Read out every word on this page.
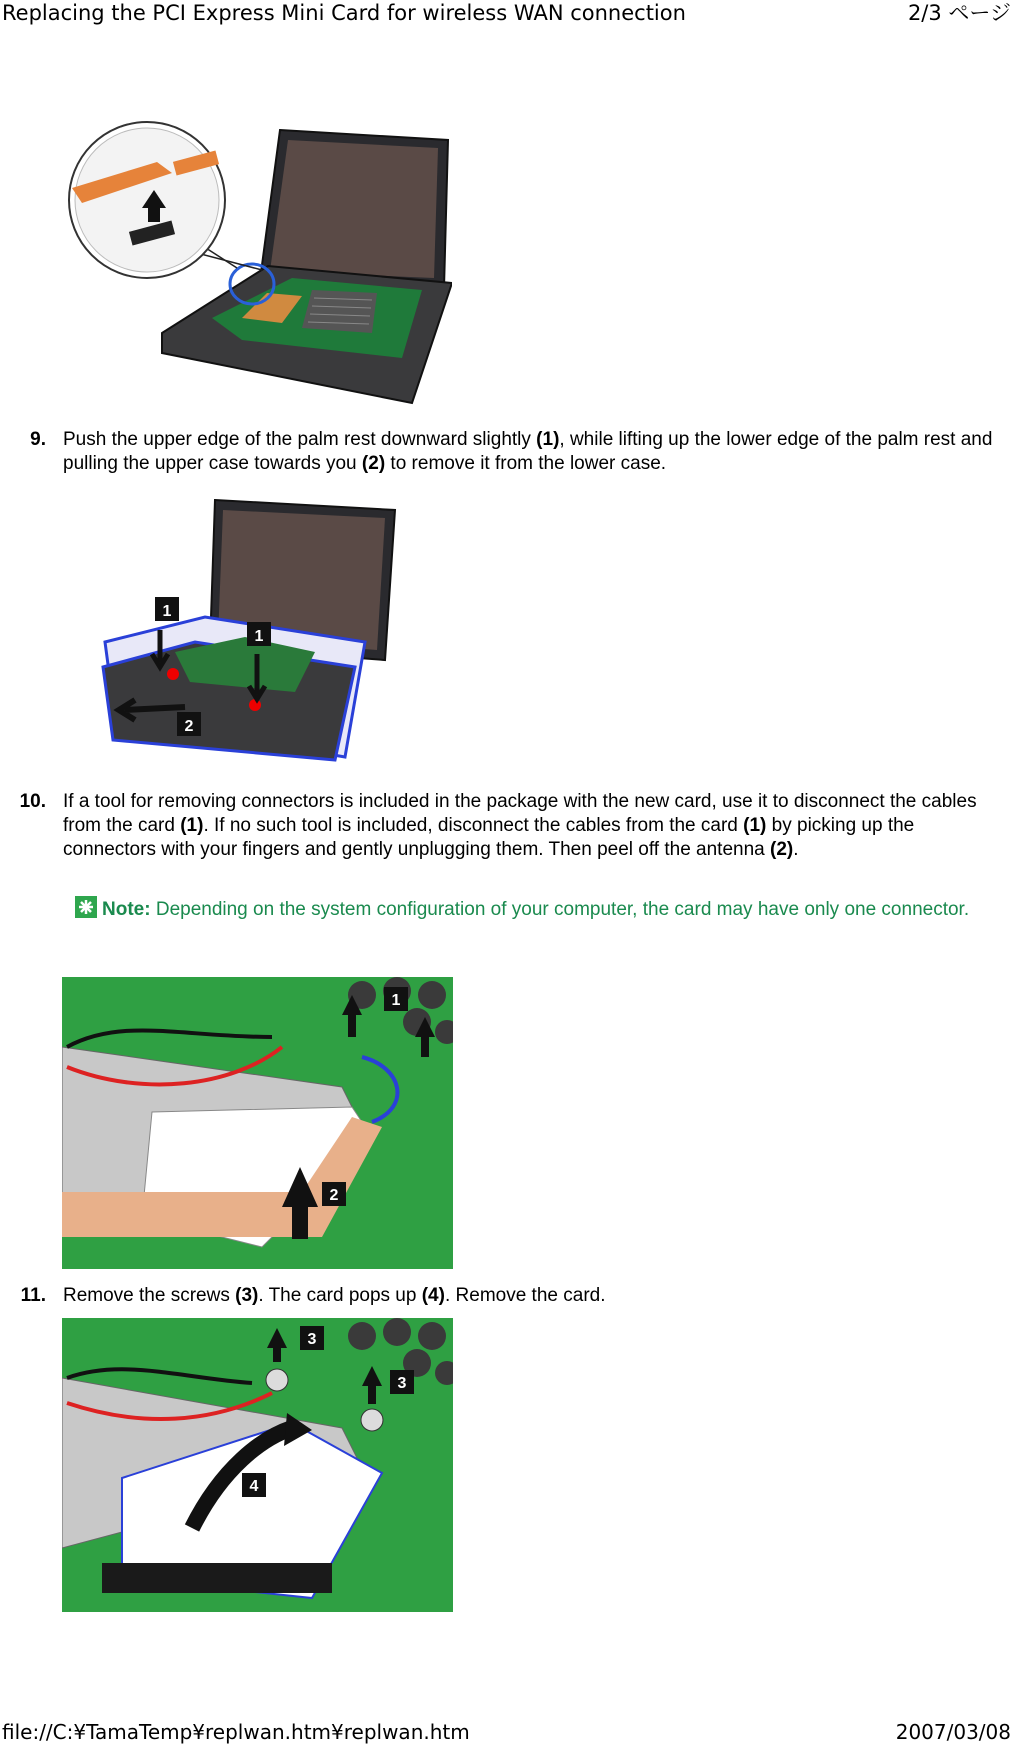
Replacing the PCI Express Mini Card for wireless WAN connection	2/3 ページ
9. Push the upper edge of the palm rest downward slightly (1), while lifting up the lower edge of the palm rest and pulling the upper case towards you (2) to remove it from the lower case.
1
1
2
10. If a tool for removing connectors is included in the package with the new card, use it to disconnect the cables from the card (1). If no such tool is included, disconnect the cables from the card (1) by picking up the connectors with your fingers and gently unplugging them. Then peel off the antenna (2).
Note: Depending on the system configuration of your computer, the card may have only one connector.
1
2
11. Remove the screws (3). The card pops up (4). Remove the card.
3
3
4
file://C:¥TamaTemp¥replwan.htm¥replwan.htm	2007/03/08
